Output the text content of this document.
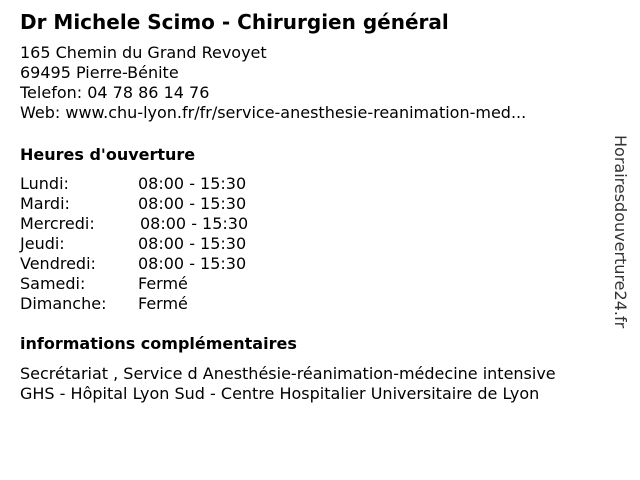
Dr Michele Scimo - Chirurgien général
165 Chemin du Grand Revoyet
69495 Pierre-Bénite
Telefon: 04 78 86 14 76
Web: www.chu-lyon.fr/fr/service-anesthesie-reanimation-med...
Heures d'ouverture
Lundi:	08:00 - 15:30
Mardi:	08:00 - 15:30
Mercredi:	08:00 - 15:30
Jeudi:	08:00 - 15:30
Vendredi:	08:00 - 15:30
Samedi:	Fermé
Dimanche: Fermé
informations complémentaires
Secrétariat , Service d Anesthésie-réanimation-médecine intensive
GHS - Hôpital Lyon Sud - Centre Hospitalier Universitaire de Lyon
Horairesdouverture24.fr
